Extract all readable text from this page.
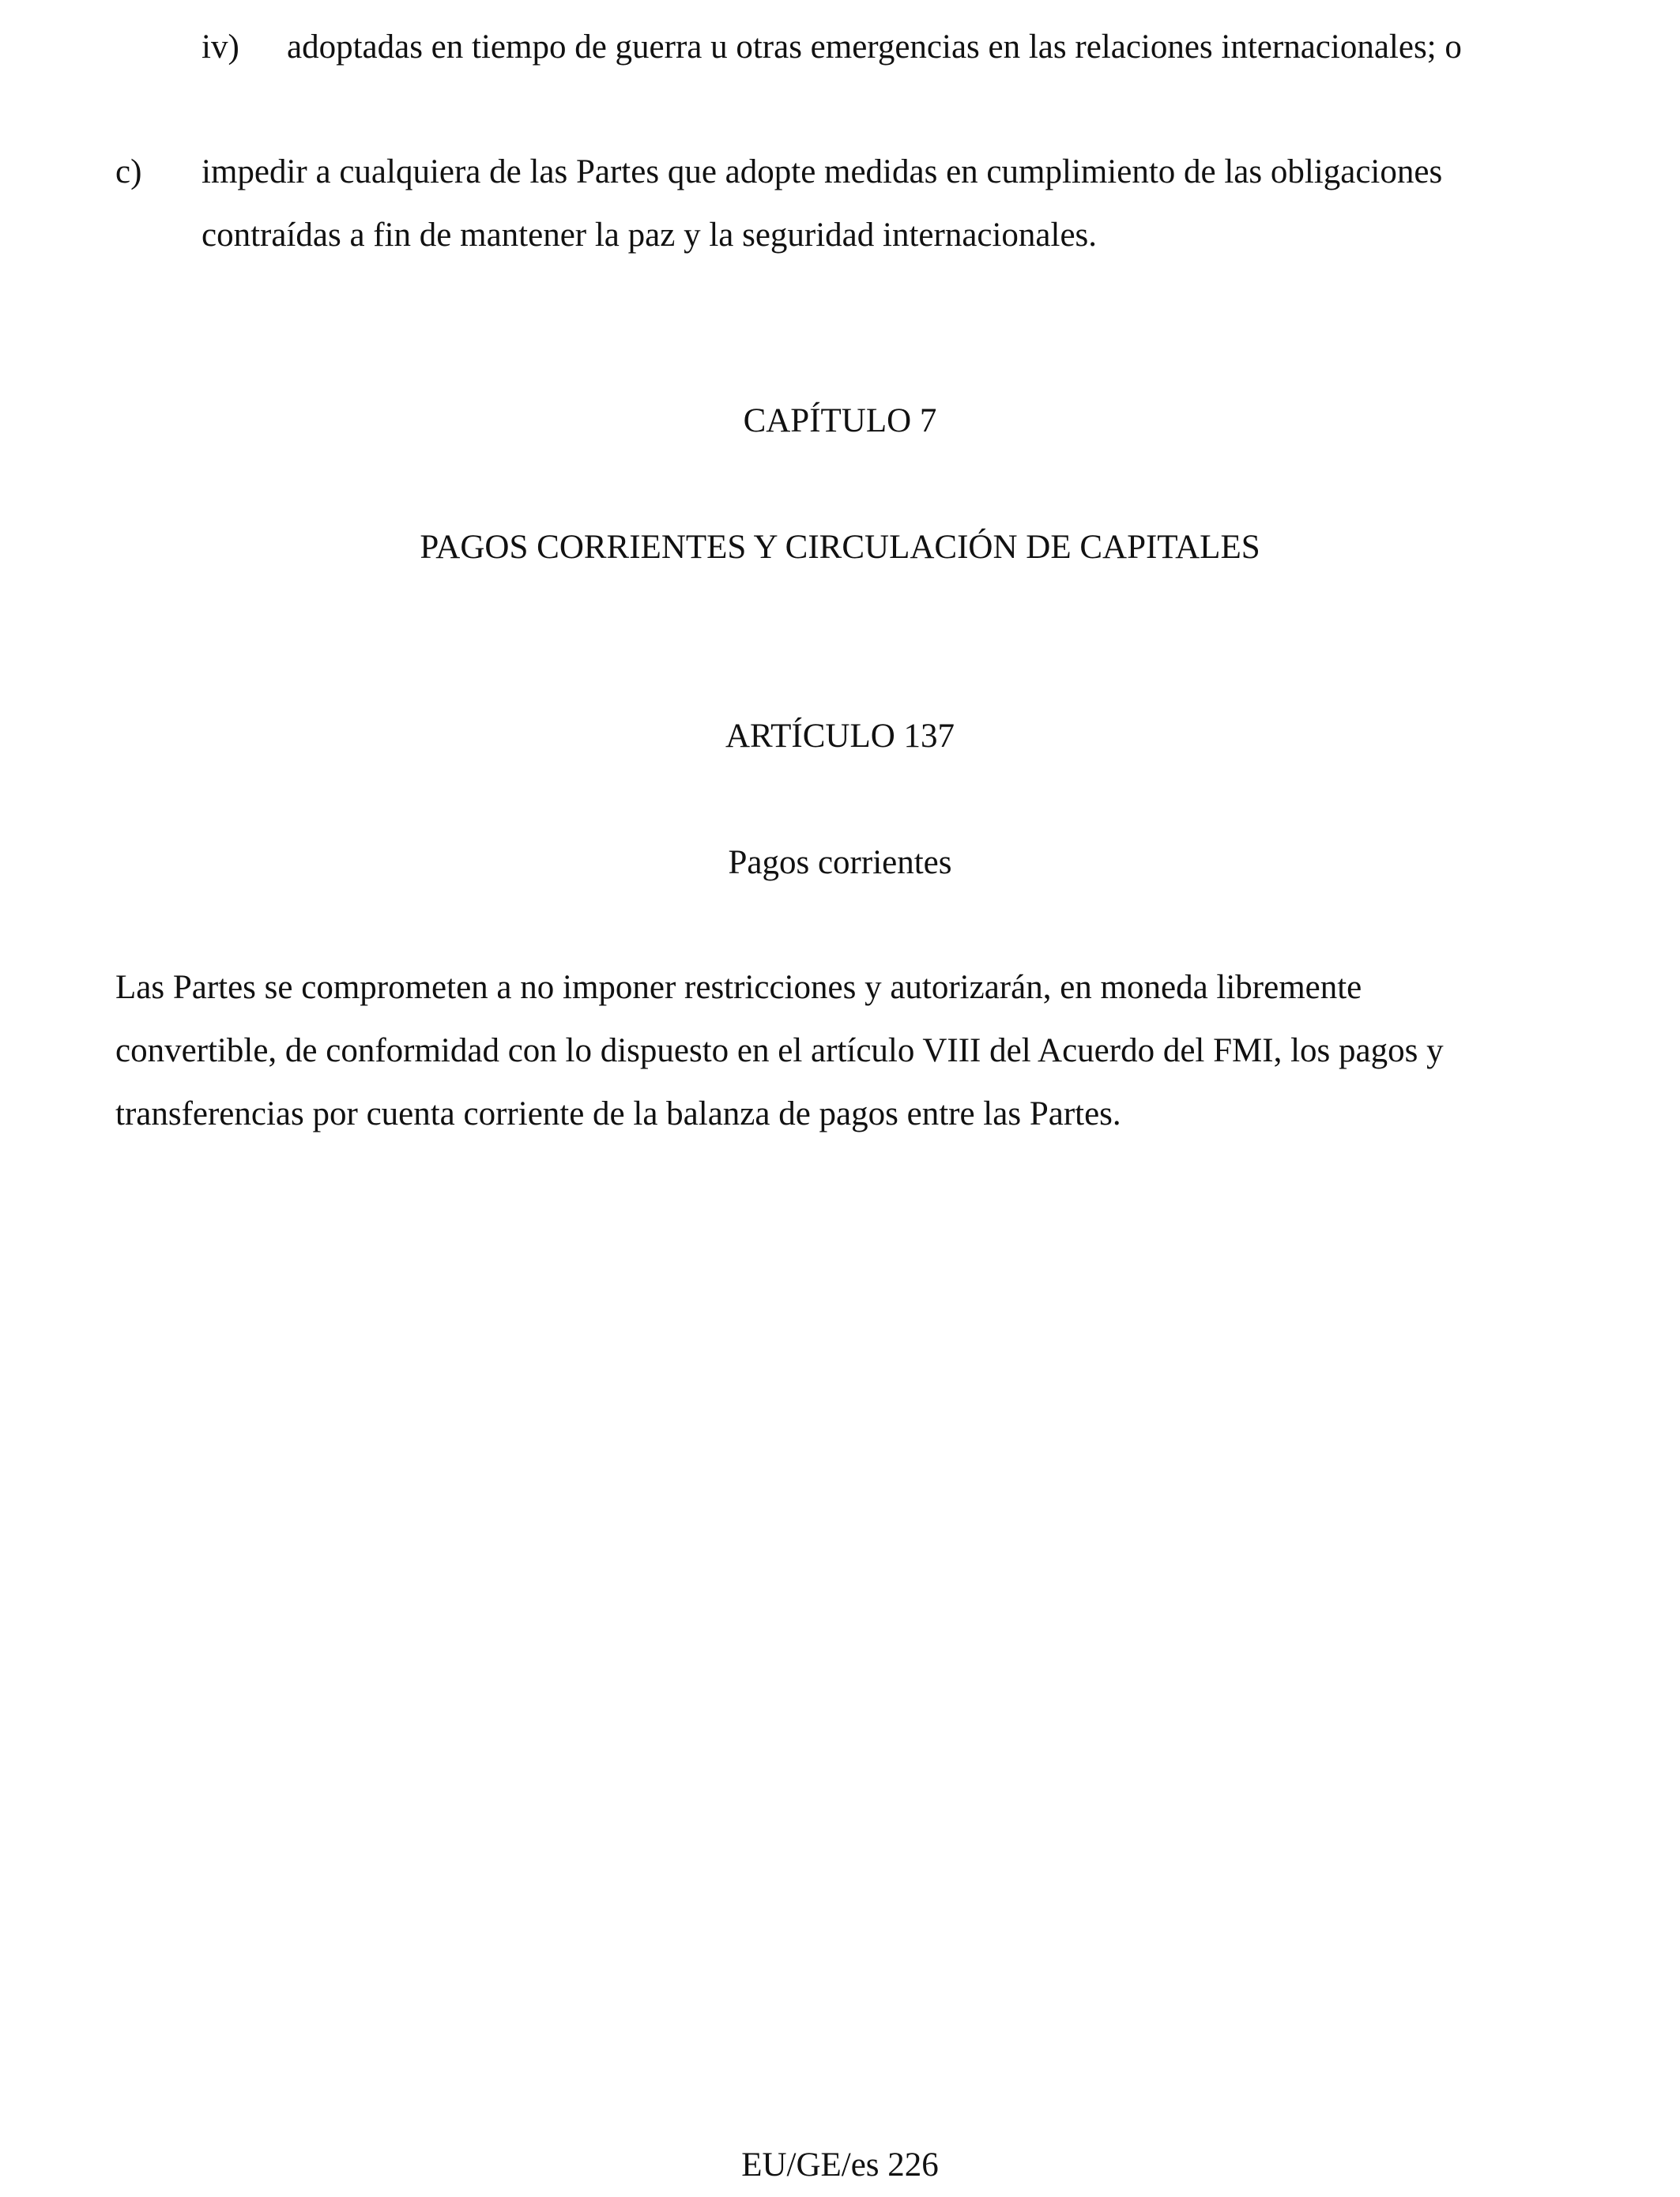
iv) adoptadas en tiempo de guerra u otras emergencias en las relaciones internacionales; o
c) impedir a cualquiera de las Partes que adopte medidas en cumplimiento de las obligaciones
contraídas a fin de mantener la paz y la seguridad internacionales.
CAPÍTULO 7
PAGOS CORRIENTES Y CIRCULACIÓN DE CAPITALES
ARTÍCULO 137
Pagos corrientes
Las Partes se comprometen a no imponer restricciones y autorizarán, en moneda libremente
convertible, de conformidad con lo dispuesto en el artículo VIII del Acuerdo del FMI, los pagos y
transferencias por cuenta corriente de la balanza de pagos entre las Partes.
EU/GE/es 226
